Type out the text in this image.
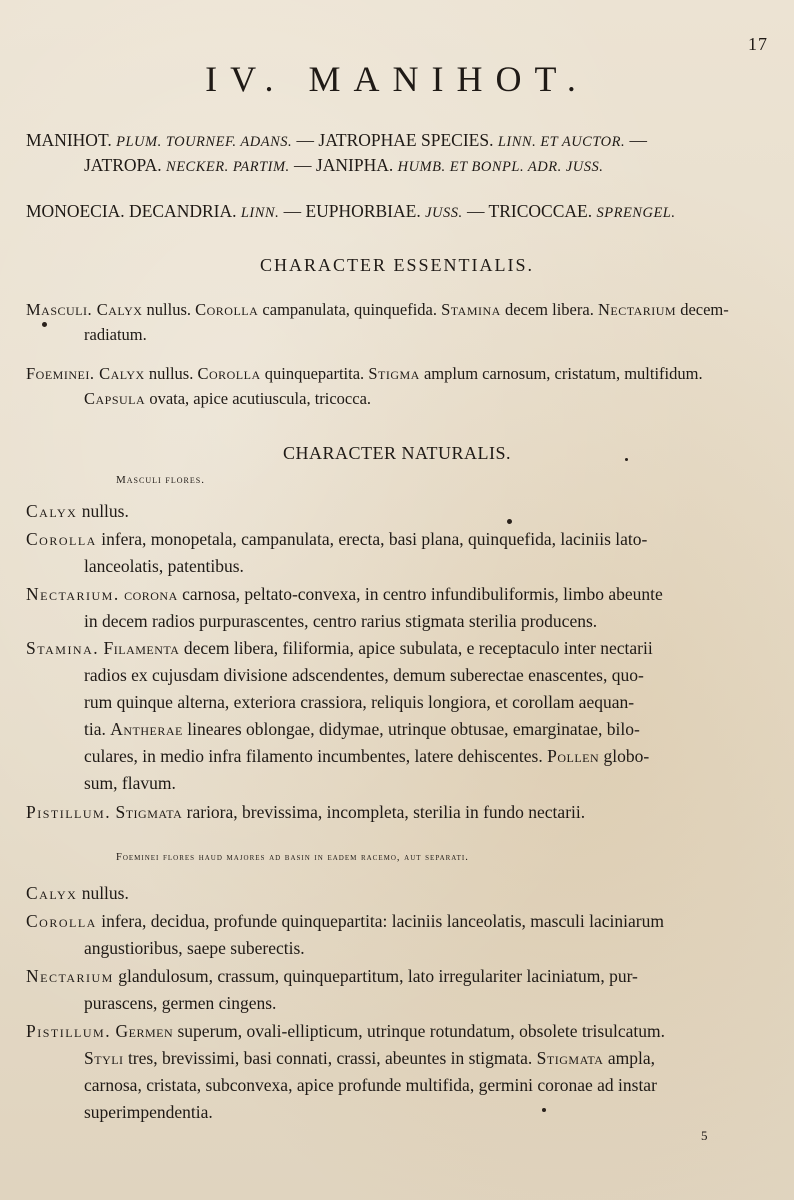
17
IV. MANIHOT.
MANIHOT. PLUM. TOURNEF. ADANS. — JATROPHAE SPECIES. LINN. ET AUCTOR. —
JATROPA. NECKER. PARTIM. — JANIPHA. HUMB. ET BONPL. ADR. JUSS.
MONOECIA. DECANDRIA. LINN. — EUPHORBIAE. JUSS. — TRICOCCAE. SPRENGEL.
CHARACTER ESSENTIALIS.
Masculi. Calyx nullus. Corolla campanulata, quinquefida. Stamina decem libera. Nectarium decem-
radiatum.
Foeminei. Calyx nullus. Corolla quinquepartita. Stigma amplum carnosum, cristatum, multifidum.
Capsula ovata, apice acutiuscula, tricocca.
CHARACTER NATURALIS.
Masculi flores.
Calyx nullus.
Corolla infera, monopetala, campanulata, erecta, basi plana, quinquefida, laciniis lato-
lanceolatis, patentibus.
Nectarium. corona carnosa, peltato-convexa, in centro infundibuliformis, limbo abeunte
in decem radios purpurascentes, centro rarius stigmata sterilia producens.
Stamina. Filamenta decem libera, filiformia, apice subulata, e receptaculo inter nectarii
radios ex cujusdam divisione adscendentes, demum suberectae enascentes, quo-
rum quinque alterna, exteriora crassiora, reliquis longiora, et corollam aequan-
tia. Antherae lineares oblongae, didymae, utrinque obtusae, emarginatae, bilo-
culares, in medio infra filamento incumbentes, latere dehiscentes. Pollen globo-
sum, flavum.
Pistillum. Stigmata rariora, brevissima, incompleta, sterilia in fundo nectarii.
Foeminei flores haud majores ad basin in eadem racemo, aut separati.
Calyx nullus.
Corolla infera, decidua, profunde quinquepartita: laciniis lanceolatis, masculi laciniarum
angustioribus, saepe suberectis.
Nectarium glandulosum, crassum, quinquepartitum, lato irregulariter laciniatum, pur-
purascens, germen cingens.
Pistillum. Germen superum, ovali-ellipticum, utrinque rotundatum, obsolete trisulcatum.
Styli tres, brevissimi, basi connati, crassi, abeuntes in stigmata. Stigmata ampla,
carnosa, cristata, subconvexa, apice profunde multifida, germini coronae ad instar
superimpendentia.
5
